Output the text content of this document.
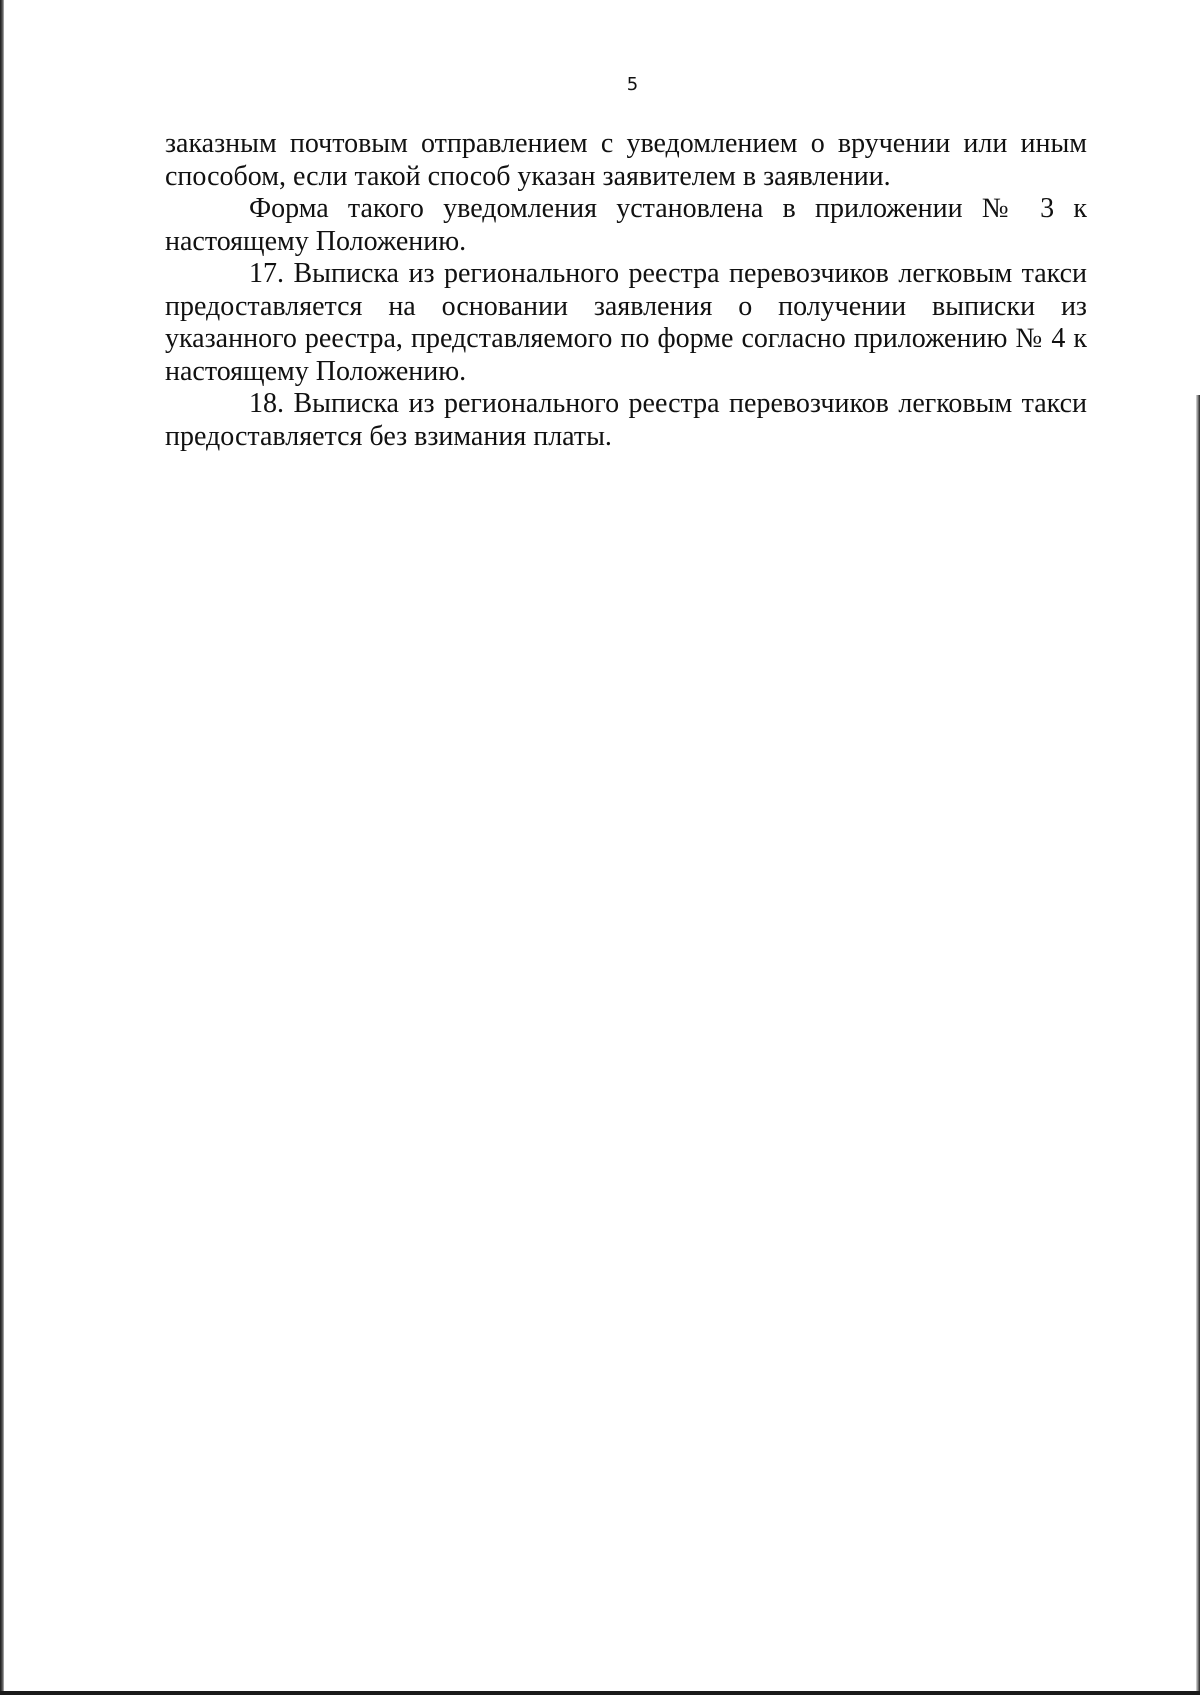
5

заказным почтовым отправлением с уведомлением о вручении или иным способом, если такой способ указан заявителем в заявлении.

Форма такого уведомления установлена в приложении № 3 к настоящему Положению.

17. Выписка из регионального реестра перевозчиков легковым такси предоставляется на основании заявления о получении выписки из указанного реестра, представляемого по форме согласно приложению № 4 к настоящему Положению.

18. Выписка из регионального реестра перевозчиков легковым такси предоставляется без взимания платы.
